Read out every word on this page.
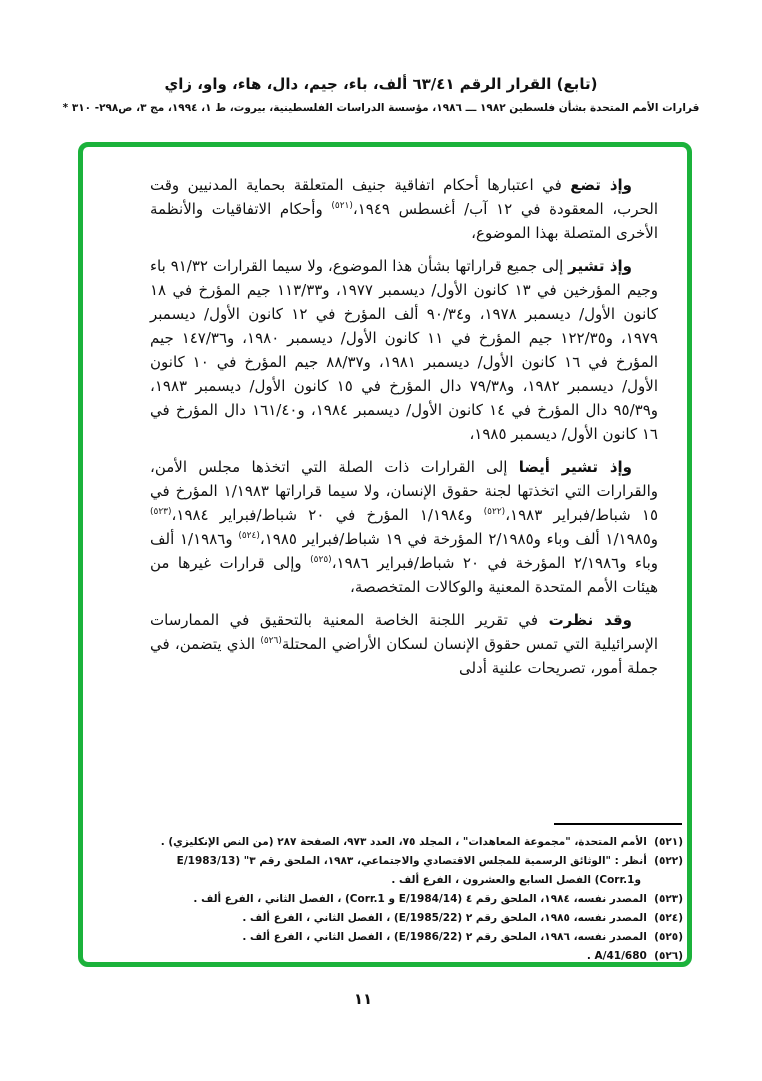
(تابع) القرار الرقم ٦٣/٤١ ألف، باء، جيم، دال، هاء، واو، زاي
قرارات الأمم المتحدة بشأن فلسطين ١٩٨٢ ـــ ١٩٨٦، مؤسسة الدراسات الفلسطينية، بيروت، ط ١، ١٩٩٤، مج ٣، ص٢٩٨- ٣١٠ *

وإذ تضع في اعتبارها أحكام اتفاقية جنيف المتعلقة بحماية المدنيين وقت الحرب، المعقودة في ١٢ آب/ أغسطس ١٩٤٩،$^{(٥٢١)}$ وأحكام الاتفاقيات والأنظمة الأخرى المتصلة بهذا الموضوع،

وإذ تشير إلى جميع قراراتها بشأن هذا الموضوع، ولا سيما القرارات ٩١/٣٢ باء وجيم المؤرخين في ١٣ كانون الأول/ ديسمبر ١٩٧٧، و١١٣/٣٣ جيم المؤرخ في ١٨ كانون الأول/ ديسمبر ١٩٧٨، و٩٠/٣٤ ألف المؤرخ في ١٢ كانون الأول/ ديسمبر ١٩٧٩، و١٢٢/٣٥ جيم المؤرخ في ١١ كانون الأول/ ديسمبر ١٩٨٠، و١٤٧/٣٦ جيم المؤرخ في ١٦ كانون الأول/ ديسمبر ١٩٨١، و٨٨/٣٧ جيم المؤرخ في ١٠ كانون الأول/ ديسمبر ١٩٨٢، و٧٩/٣٨ دال المؤرخ في ١٥ كانون الأول/ ديسمبر ١٩٨٣، و٩٥/٣٩ دال المؤرخ في ١٤ كانون الأول/ ديسمبر ١٩٨٤، و١٦١/٤٠ دال المؤرخ في ١٦ كانون الأول/ ديسمبر ١٩٨٥،

وإذ تشير أيضا إلى القرارات ذات الصلة التي اتخذها مجلس الأمن، والقرارات التي اتخذتها لجنة حقوق الإنسان، ولا سيما قراراتها ١/١٩٨٣ المؤرخ في ١٥ شباط/فبراير ١٩٨٣،$^{(٥٢٢)}$ و١/١٩٨٤ المؤرخ في ٢٠ شباط/فبراير ١٩٨٤،$^{(٥٢٣)}$ و١/١٩٨٥ ألف وباء و٢/١٩٨٥ المؤرخة في ١٩ شباط/فبراير ١٩٨٥،$^{(٥٢٤)}$ و١/١٩٨٦ ألف وباء و٢/١٩٨٦ المؤرخة في ٢٠ شباط/فبراير ١٩٨٦،$^{(٥٢٥)}$ وإلى قرارات غيرها من هيئات الأمم المتحدة المعنية والوكالات المتخصصة،

وقد نظرت في تقرير اللجنة الخاصة المعنية بالتحقيق في الممارسات الإسرائيلية التي تمس حقوق الإنسان لسكان الأراضي المحتلة$^{(٥٢٦)}$ الذي يتضمن، في جملة أمور، تصريحات علنية أدلى

(٥٢١)  الأمم المتحدة، "مجموعة المعاهدات" ، المجلد ٧٥، العدد ٩٧٣، الصفحة ٢٨٧ (من النص الإنكليزي) .

(٥٢٢)  أنظر : "الوثائق الرسمية للمجلس الاقتصادي والاجتماعي، ١٩٨٣، الملحق رقم ٣" (E/1983/13 وCorr.1) الفصل السابع والعشرون ، الفرع ألف .

(٥٢٣)  المصدر نفسه، ١٩٨٤، الملحق رقم ٤ (E/1984/14 و Corr.1) ، الفصل الثاني ، الفرع ألف .

(٥٢٤)  المصدر نفسه، ١٩٨٥، الملحق رقم ٢ (E/1985/22) ، الفصل الثاني ، الفرع ألف .

(٥٢٥)  المصدر نفسه، ١٩٨٦، الملحق رقم ٢ (E/1986/22) ، الفصل الثاني ، الفرع ألف .

(٥٢٦)  A/41/680 .

١١
